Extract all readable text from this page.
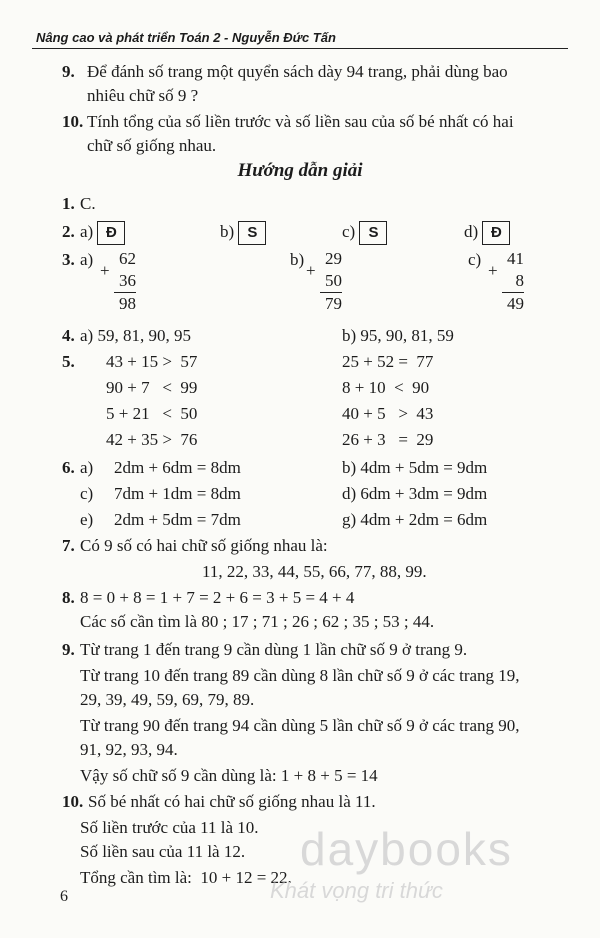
Nâng cao và phát triển Toán 2 - Nguyễn Đức Tấn
9. Để đánh số trang một quyển sách dày 94 trang, phải dùng bao
nhiêu chữ số 9 ?
10. Tính tổng của số liền trước và số liền sau của số bé nhất có hai
chữ số giống nhau.
Hướng dẫn giải
1. C.
2. a) Đ	b) S	c) S	d) Đ
3. a) 62
+
36
98
b) 29
+
50
79
c) 41
+
8
49
4. a) 59, 81, 90, 95	b) 95, 90, 81, 59
5. 43 + 15 >  57	25 + 52 =  77
90 + 7   <  99	8 + 10  <  90
5 + 21   <  50	40 + 5   >  43
42 + 35 >  76	26 + 3   =  29
6. a) 2dm + 6dm = 8dm	b) 4dm + 5dm = 9dm
c) 7dm + 1dm = 8dm	d) 6dm + 3dm = 9dm
e) 2dm + 5dm = 7dm	g) 4dm + 2dm = 6dm
7. Có 9 số có hai chữ số giống nhau là:
11, 22, 33, 44, 55, 66, 77, 88, 99.
8. 8 = 0 + 8 = 1 + 7 = 2 + 6 = 3 + 5 = 4 + 4
Các số cần tìm là 80 ; 17 ; 71 ; 26 ; 62 ; 35 ; 53 ; 44.
9. Từ trang 1 đến trang 9 cần dùng 1 lần chữ số 9 ở trang 9.
Từ trang 10 đến trang 89 cần dùng 8 lần chữ số 9 ở các trang 19,
29, 39, 49, 59, 69, 79, 89.
Từ trang 90 đến trang 94 cần dùng 5 lần chữ số 9 ở các trang 90,
91, 92, 93, 94.
Vậy số chữ số 9 cần dùng là: 1 + 8 + 5 = 14
10. Số bé nhất có hai chữ số giống nhau là 11.
Số liền trước của 11 là 10.
Số liền sau của 11 là 12.
Tổng cần tìm là:  10 + 12 = 22.
daybooks
Khát vọng tri thức
6
